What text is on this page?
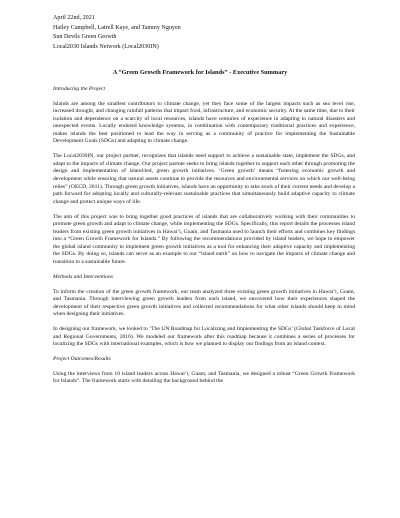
April 22nd, 2021
Hailey Campbell, Latrell Kaye, and Tammy Nguyen
Sun Devils Green Growth
Local2030 Islands Network (Local2030IN)
A “Green Growth Framework for Islands” - Executive Summary
Introducing the Project

Islands are among the smallest contributors to climate change, yet they face some of the largest impacts such as sea level rise, increased drought, and changing rainfall patterns that impact food, infrastructure, and economic security. At the same time, due to their isolation and dependence on a scarcity of local resources, islands have centuries of experience in adapting to natural disasters and unexpected events. Locally endured knowledge systems, in combination with contemporary traditional practices and experience, makes islands the best positioned to lead the way in serving as a community of practice for implementing the Sustainable Development Goals (SDGs) and adapting to climate change.

The Local2030IN, our project partner, recognizes that islands need support to achieve a sustainable state, implement the SDGs, and adapt to the impacts of climate change. Our project partner seeks to bring islands together to support each other through promoting the design and implementation of island-led, green growth initiatives. ‘Green growth’ means “fostering economic growth and development while ensuring that natural assets continue to provide the resources and environmental services on which our well-being relies” (OECD, 2011). Through green growth initiatives, islands have an opportunity to take stock of their current needs and develop a path forward for adopting locally and culturally-relevant sustainable practices that simultaneously build adaptive capacity to climate change and protect unique ways of life.

The aim of this project was to bring together good practices of islands that are collaboratively working with their communities to promote green growth and adapt to climate change, while implementing the SDGs. Specifically, this report details the processes island leaders from existing green growth initiatives in Hawai‘i, Guam, and Tasmania used to launch their efforts and combines key findings into a “Green Growth Framework for Islands.” By following the recommendations provided by island leaders, we hope to empower the global island community to implement green growth initiatives as a tool for enhancing their adaptive capacity and implementing the SDGs. By doing so, islands can serve as an example to our “island earth” on how to navigate the impacts of climate change and transition to a sustainable future.

Methods and Interventions

To inform the creation of the green growth framework, our team analyzed three existing green growth initiatives in Hawai‘i, Guam, and Tasmania. Through interviewing green growth leaders from each island, we uncovered how their experiences shaped the development of their respective green growth initiatives and collected recommendations for what other islands should keep in mind when designing their initiatives.

In designing our framework, we looked to ‘The UN Roadmap for Localizing and Implementing the SDGs’ (Global Taskforce of Local and Regional Governments, 2016). We modeled our framework after this roadmap because it combines a series of processes for localizing the SDGs with international examples, which is how we planned to display our findings from an island context.

Project Outcomes/Results

Using the interviews from 10 island leaders across Hawai‘i, Guam, and Tasmania, we designed a robust “Green Growth Framework for Islands”. The framework starts with detailing the background behind the
